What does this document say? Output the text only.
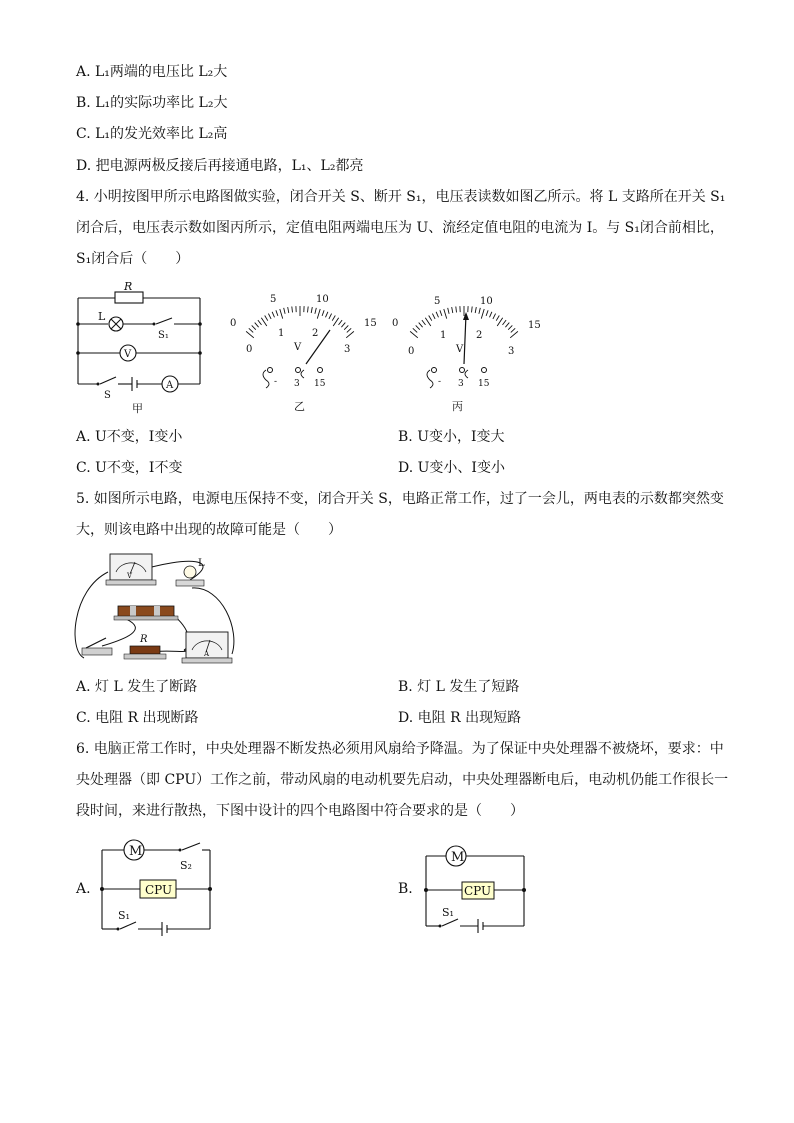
A. L₁两端的电压比 L₂大
B. L₁的实际功率比 L₂大
C. L₁的发光效率比 L₂高
D. 把电源两极反接后再接通电路，L₁、L₂都亮
4. 小明按图甲所示电路图做实验，闭合开关 S、断开 S₁，电压表读数如图乙所示。将 L 支路所在开关 S₁
闭合后，电压表示数如图丙所示，定值电阻两端电压为 U、流经定值电阻的电流为 I。与 S₁闭合前相比，
S₁闭合后（　　）
R
L
S₁
V
S
A
甲
0
5	10
15
0
1	2
3
V
- 3 15
乙
0
5	10
15
0
1	2
3
V
- 3 15
丙
A. U不变，I变小	B. U变小，I变大
C. U不变，I不变	D. U变小、I变小
5. 如图所示电路，电源电压保持不变，闭合开关 S，电路正常工作，过了一会儿，两电表的示数都突然变
大，则该电路中出现的故障可能是（　　）
V
L
R
A
A. 灯 L 发生了断路	B. 灯 L 发生了短路
C. 电阻 R 出现断路	D. 电阻 R 出现短路
6. 电脑正常工作时，中央处理器不断发热必须用风扇给予降温。为了保证中央处理器不被烧坏，要求：中
央处理器（即 CPU）工作之前，带动风扇的电动机要先启动，中央处理器断电后，电动机仍能工作很长一
段时间，来进行散热，下图中设计的四个电路图中符合要求的是（　　）
A.
M
CPU
S₁
S₂
B.
M
CPU
S₁
